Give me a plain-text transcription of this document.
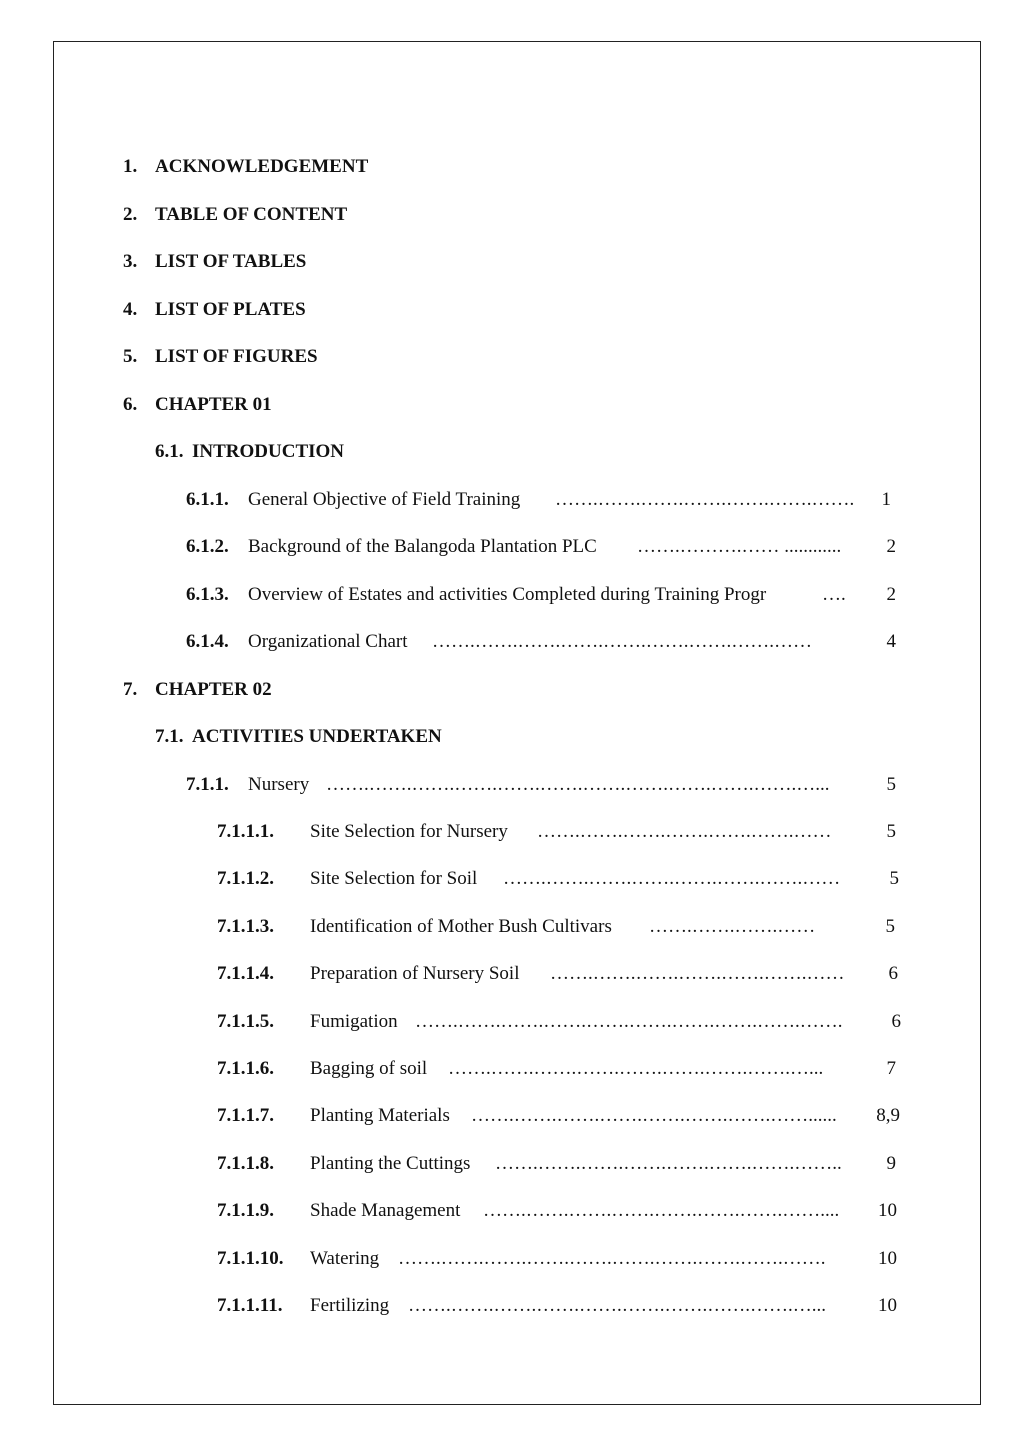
1. ACKNOWLEDGEMENT
2. TABLE OF CONTENT
3. LIST OF TABLES
4. LIST OF PLATES
5. LIST OF FIGURES
6. CHAPTER 01
6.1. INTRODUCTION
6.1.1. General Objective of Field Training …….…….…….…….…….…….…….	1
6.1.2. Background of the Balangoda Plantation PLC …….……….…… ............	2
6.1.3. Overview of Estates and activities Completed during Training Progr	….	2
6.1.4. Organizational Chart …….…….…….…….…….…….…….…….……	4
7. CHAPTER 02
7.1. ACTIVITIES UNDERTAKEN
7.1.1. Nursery …….…….…….…….…….…….…….…….…….…….…….…...	5
7.1.1.1. Site Selection for Nursery …….…….…….…….…….…….……	5
7.1.1.2. Site Selection for Soil …….…….…….…….…….…….…….……	5
7.1.1.3. Identification of Mother Bush Cultivars …….…….…….……	5
7.1.1.4. Preparation of Nursery Soil …….…….…….…….…….…….……	6
7.1.1.5. Fumigation …….…….…….…….…….…….…….…….…….…….	6
7.1.1.6. Bagging of soil …….…….…….…….…….…….…….…….…...	7
7.1.1.7. Planting Materials …….…….…….…….…….…….…….……......	8,9
7.1.1.8. Planting the Cuttings …….…….…….…….…….…….…….……..	9
7.1.1.9. Shade Management …….…….…….…….…….…….…….……....	10
7.1.1.10. Watering …….…….…….…….…….…….…….…….…….…….	10
7.1.1.11. Fertilizing …….…….…….…….…….…….…….…….…….…...	10
